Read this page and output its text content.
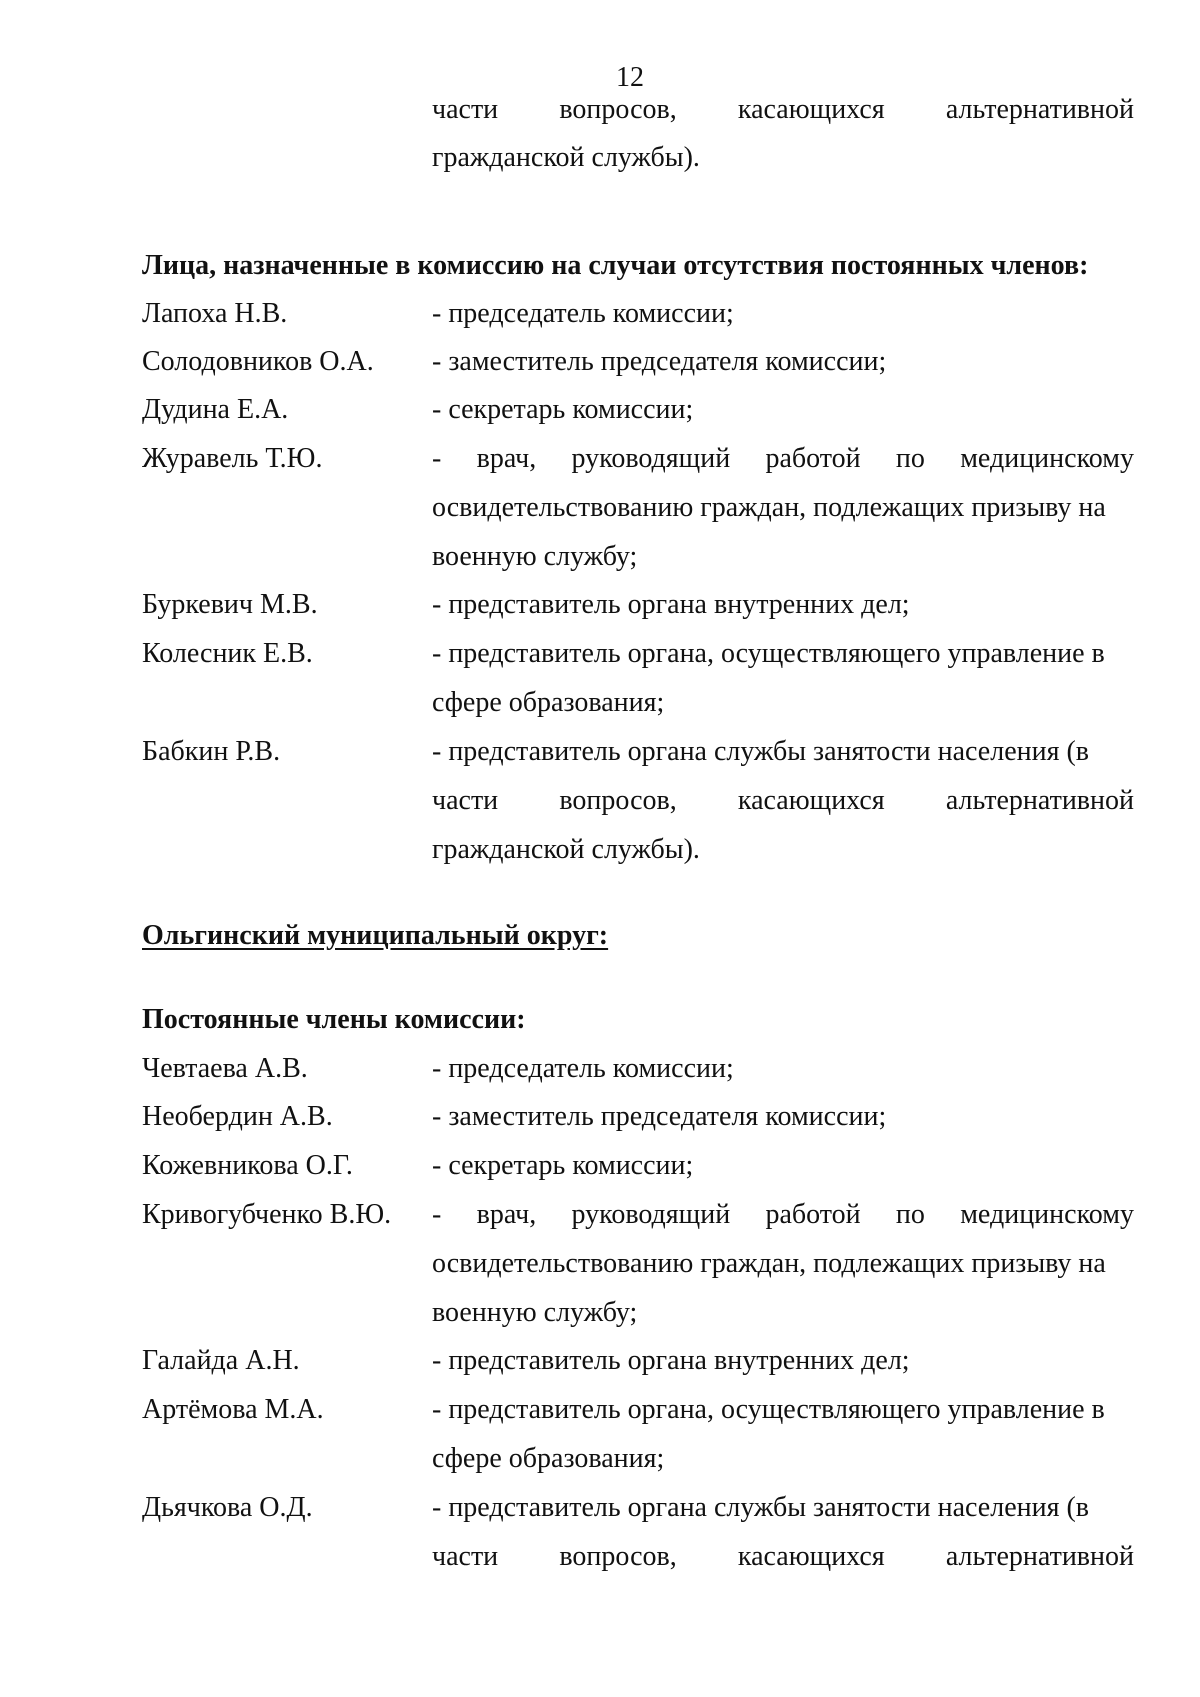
12
части вопросов, касающихся альтернативной
гражданской службы).
Лица, назначенные в комиссию на случаи отсутствия постоянных членов:
Лапоха Н.В.	- председатель комиссии;
Солодовников О.А. - заместитель председателя комиссии;
Дудина Е.А.	- секретарь комиссии;
Журавель Т.Ю.	- врач, руководящий работой по медицинскому
освидетельствованию граждан, подлежащих призыву на
военную службу;
Буркевич М.В.	- представитель органа внутренних дел;
Колесник Е.В.	- представитель органа, осуществляющего управление в
сфере образования;
Бабкин Р.В.	- представитель органа службы занятости населения (в
части вопросов, касающихся альтернативной
гражданской службы).
Ольгинский муниципальный округ:
Постоянные члены комиссии:
Чевтаева А.В.	- председатель комиссии;
Необердин А.В.	- заместитель председателя комиссии;
Кожевникова О.Г.	- секретарь комиссии;
Кривогубченко В.Ю. - врач, руководящий работой по медицинскому
освидетельствованию граждан, подлежащих призыву на
военную службу;
Галайда А.Н.	- представитель органа внутренних дел;
Артёмова М.А.	- представитель органа, осуществляющего управление в
сфере образования;
Дьячкова О.Д.	- представитель органа службы занятости населения (в
части вопросов, касающихся альтернативной
